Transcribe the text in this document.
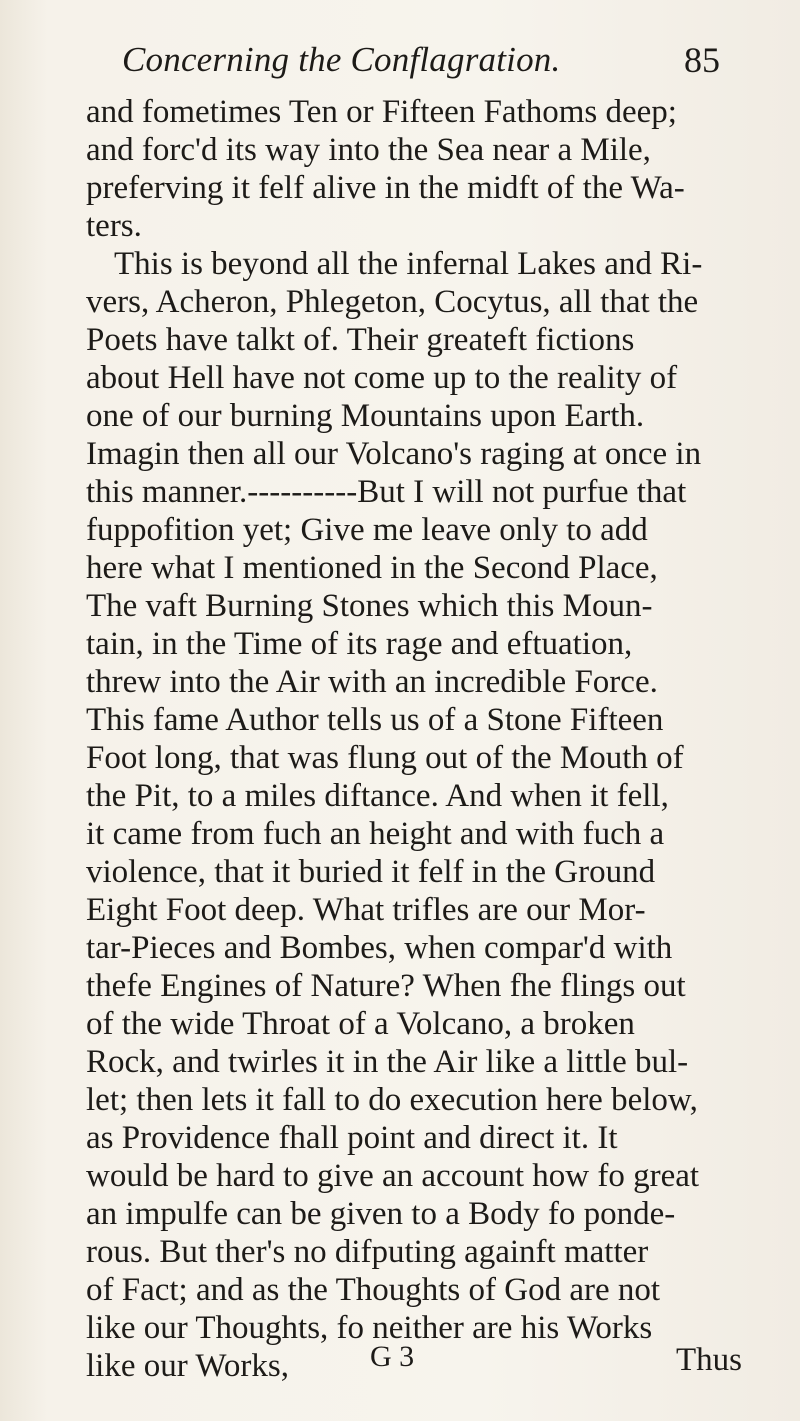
Concerning the Conflagration.	85
and fometimes Ten or Fifteen Fathoms deep;
and forc'd its way into the Sea near a Mile,
preferving it felf alive in the midft of the Wa-
ters.
This is beyond all the infernal Lakes and Ri-
vers, Acheron, Phlegeton, Cocytus, all that the
Poets have talkt of. Their greateft fictions
about Hell have not come up to the reality of
one of our burning Mountains upon Earth.
Imagin then all our Volcano's raging at once in
this manner.----------But I will not purfue that
fuppofition yet; Give me leave only to add
here what I mentioned in the Second Place,
The vaft Burning Stones which this Moun-
tain, in the Time of its rage and eftuation,
threw into the Air with an incredible Force.
This fame Author tells us of a Stone Fifteen
Foot long, that was flung out of the Mouth of
the Pit, to a miles diftance. And when it fell,
it came from fuch an height and with fuch a
violence, that it buried it felf in the Ground
Eight Foot deep. What trifles are our Mor-
tar-Pieces and Bombes, when compar'd with
thefe Engines of Nature? When fhe flings out
of the wide Throat of a Volcano, a broken
Rock, and twirles it in the Air like a little bul-
let; then lets it fall to do execution here below,
as Providence fhall point and direct it. It
would be hard to give an account how fo great
an impulfe can be given to a Body fo ponde-
rous. But ther's no difputing againft matter
of Fact; and as the Thoughts of God are not
like our Thoughts, fo neither are his Works
like our Works,	G 3	Thus
